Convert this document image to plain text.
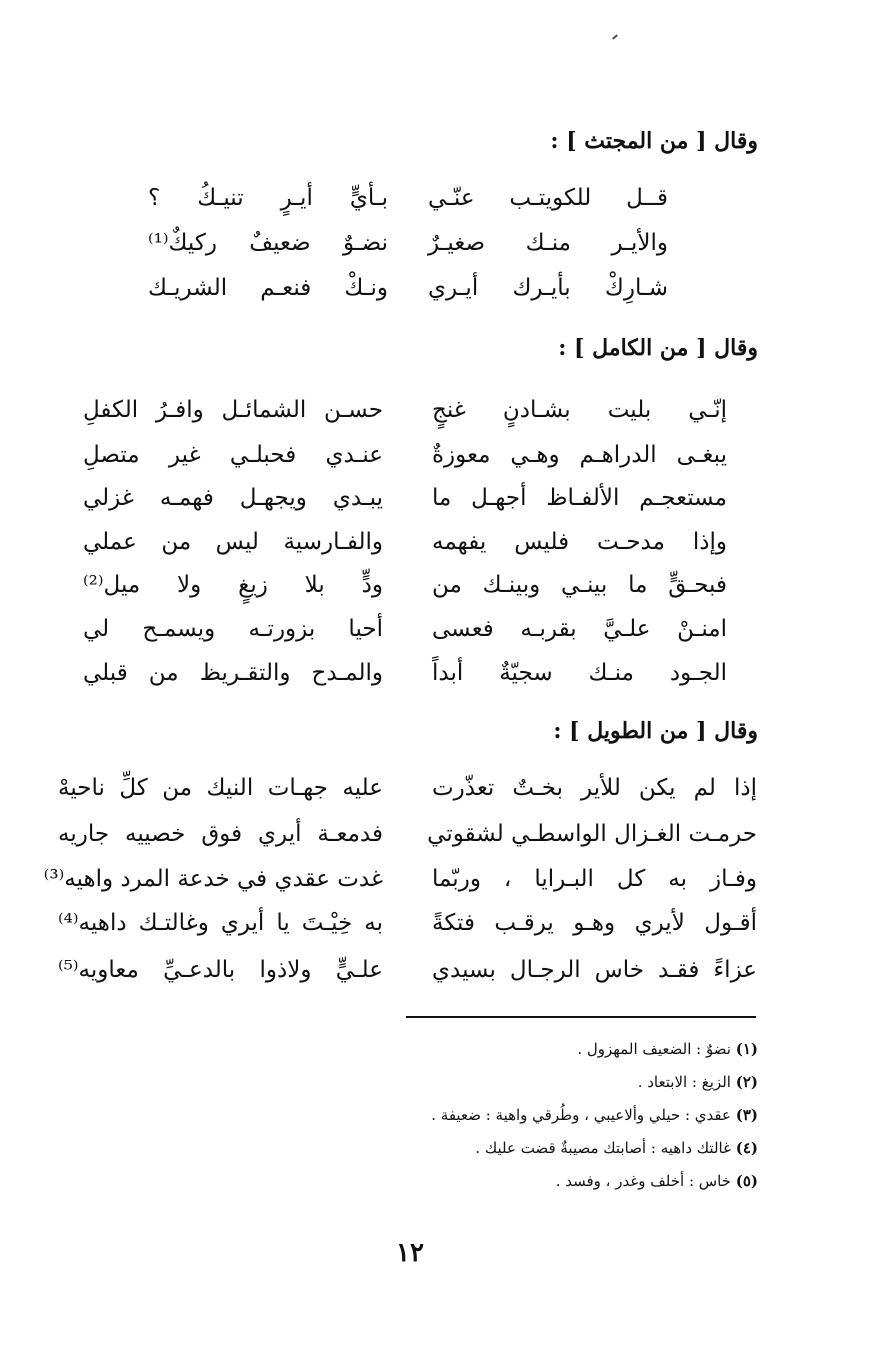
وقال [ من المجتث ] :
قــل للكويتـب عنّـي
بـأيٍّ أيـرٍ تنيـكُ ؟
والأيـر منـك صغيـرٌ
نضـوٌ ضعيفٌ ركيكٌ⁽¹⁾
شـارِكْ بأيـرك أيـري
ونـكْ فنعـم الشريـك
وقال [ من الكامل ] :
إنّـي بليت بشـادنٍ غنجٍ
حسـن الشمائـل وافـرُ الكفلِ
يبغـى الدراهـم وهـي معوزةٌ
عنـدي فحبلـي غير متصلِ
مستعجـم الألفـاظ أجهـل ما
يبـدي ويجهـل فهمـه غزلي
وإذا مدحـت فليس يفهمه
والفـارسية ليس من عملي
فبحـقٍّ ما بينـي وبينـك من
ودٍّ بلا زيغٍ ولا ميل⁽²⁾
امنـنْ علـيَّ بقربـه فعسى
أحيا بزورتـه ويسمـح لي
الجـود منـك سجيّةٌ أبداً
والمـدح والتقـريظ من قبلي
وقال [ من الطويل ] :
إذا لم يكن للأير بخـتٌ تعذّرت
عليه جهـات النيك من كلِّ ناحيهْ
حرمـت الغـزال الواسطـي لشقوتي
فدمعـة أيري فوق خصييه جاريه
وفـاز به كل البـرايا ، وربّما
غدت عقدي في خدعة المرد واهيه⁽³⁾
أقـول لأيري وهـو يرقـب فتكةً
به خِيْـتَ يا أيري وغالتـك داهيه⁽⁴⁾
عزاءً فقـد خاس الرجـال بسيدي
علـيٍّ ولاذوا بالدعـيِّ معاويه⁽⁵⁾
(١) نضوٌ : الضعيف المهزول .
(٢) الزيغ : الابتعاد .
(٣) عقدي : حيلي وألاعيبي ، وطُرقي واهية : ضعيفة .
(٤) غالتك داهيه : أصابتك مصيبةٌ قضت عليك .
(٥) خاس : أخلف وغدر ، وفسد .
١٢
